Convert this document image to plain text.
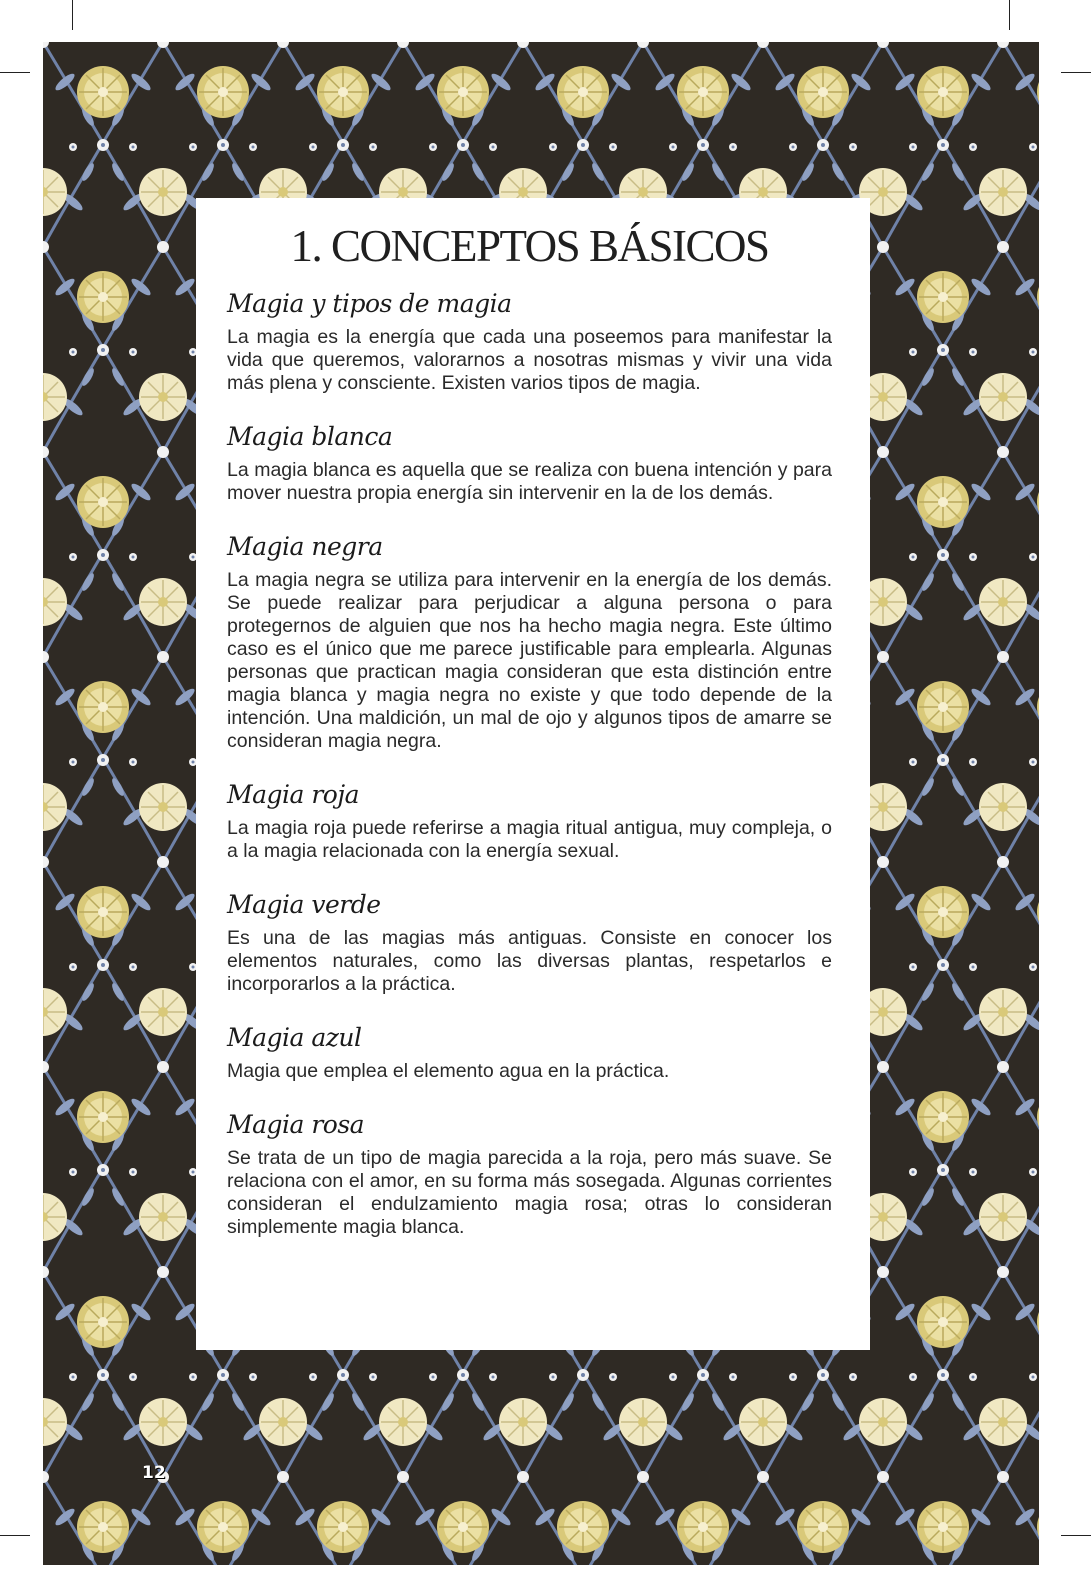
1. CONCEPTOS BÁSICOS
Magia y tipos de magia

La magia es la energía que cada una poseemos para manifestar la vida que queremos, valorarnos a nosotras mismas y vivir una vida más plena y consciente. Existen varios tipos de magia.

Magia blanca

La magia blanca es aquella que se realiza con buena intención y para mover nuestra propia energía sin intervenir en la de los demás.

Magia negra

La magia negra se utiliza para intervenir en la energía de los demás. Se puede realizar para perjudicar a alguna persona o para protegernos de alguien que nos ha hecho magia negra. Este último caso es el único que me parece justificable para emplearla. Algunas personas que practican magia consideran que esta distinción entre magia blanca y magia negra no existe y que todo depende de la intención. Una maldición, un mal de ojo y algunos tipos de amarre se consideran magia negra.

Magia roja

La magia roja puede referirse a magia ritual antigua, muy compleja, o a la magia relacionada con la energía sexual.

Magia verde

Es una de las magias más antiguas. Consiste en conocer los elementos naturales, como las diversas plantas, respetarlos e incorporarlos a la práctica.

Magia azul

Magia que emplea el elemento agua en la práctica.

Magia rosa

Se trata de un tipo de magia parecida a la roja, pero más suave. Se relaciona con el amor, en su forma más sosegada. Algunas corrientes consideran el endulzamiento magia rosa; otras lo consideran simplemente magia blanca.

12
